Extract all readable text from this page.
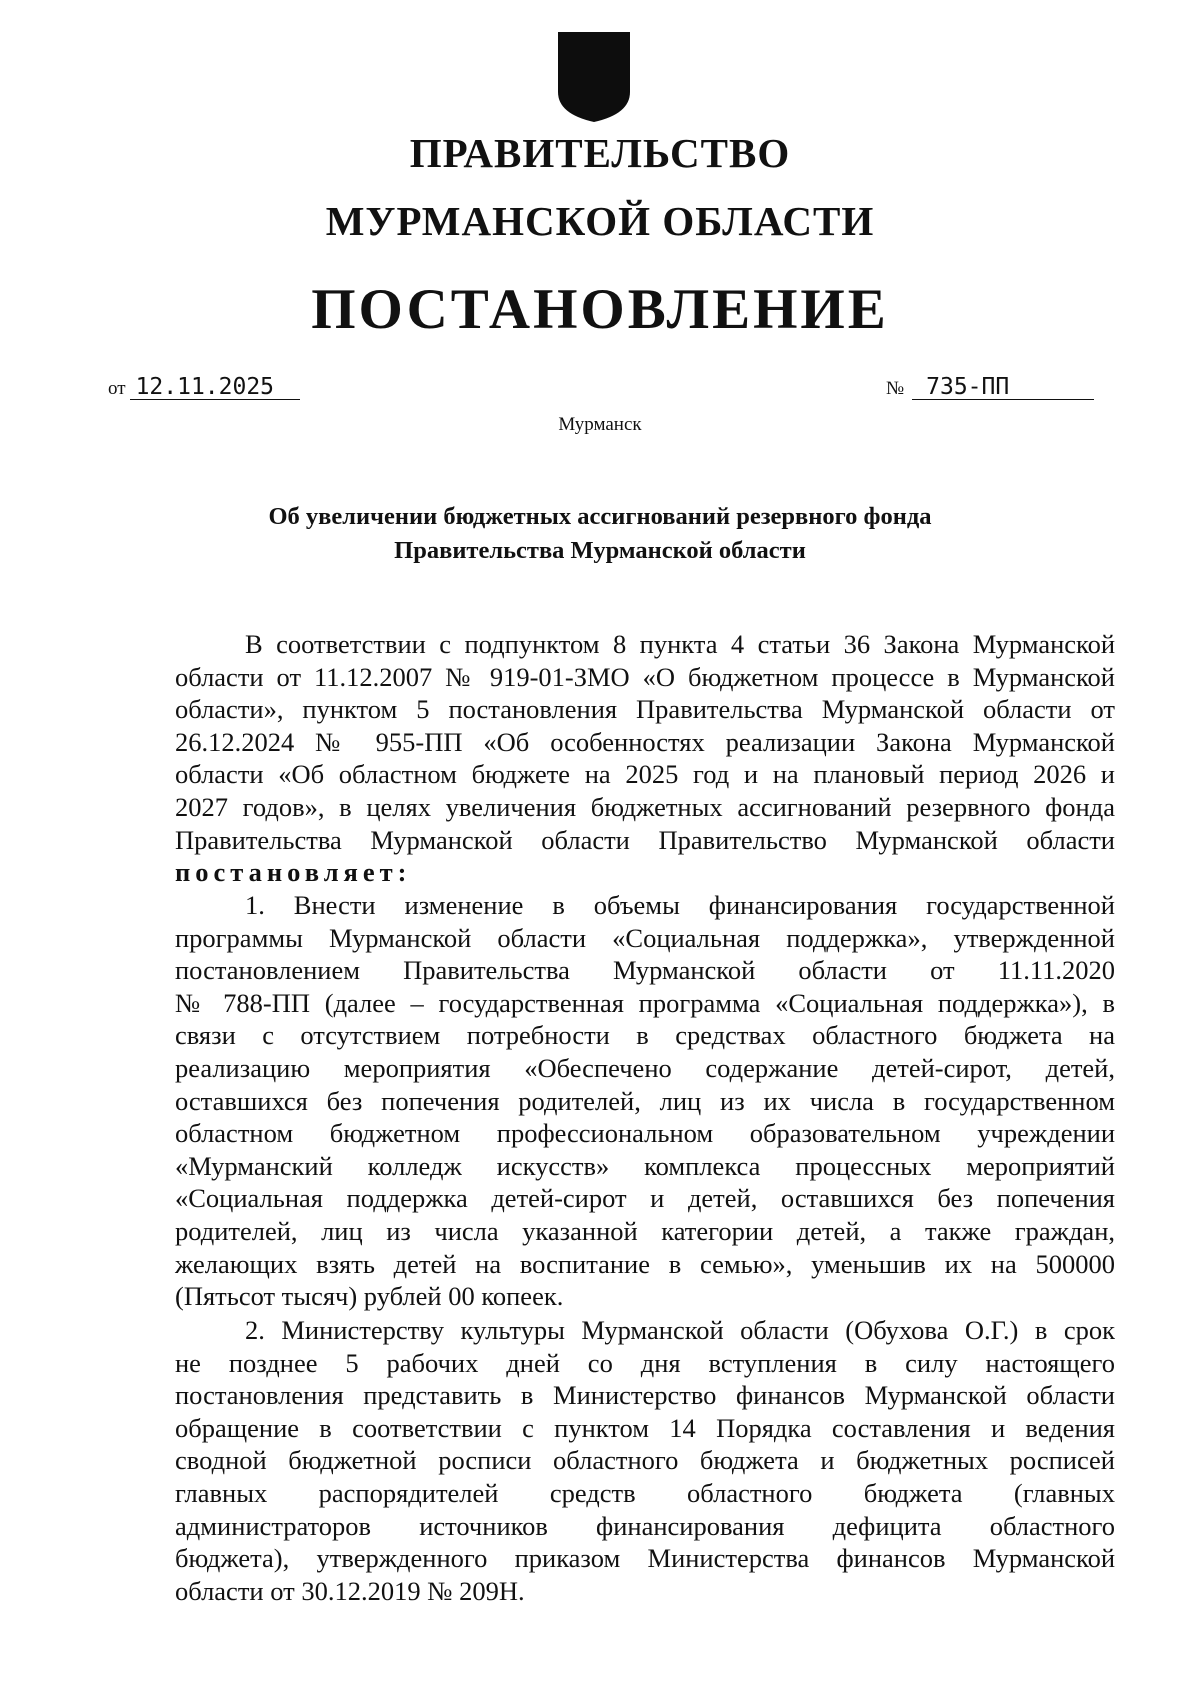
ПРАВИТЕЛЬСТВО
МУРМАНСКОЙ ОБЛАСТИ
ПОСТАНОВЛЕНИЕ
от 12.11.2025	№ 735-ПП
Мурманск
Об увеличении бюджетных ассигнований резервного фонда
Правительства Мурманской области
В соответствии с подпунктом 8 пункта 4 статьи 36 Закона Мурманской
области от 11.12.2007 № 919-01-ЗМО «О бюджетном процессе в Мурманской
области», пунктом 5 постановления Правительства Мурманской области от
26.12.2024 № 955-ПП «Об особенностях реализации Закона Мурманской
области «Об областном бюджете на 2025 год и на плановый период 2026 и
2027 годов», в целях увеличения бюджетных ассигнований резервного фонда
Правительства Мурманской области Правительство Мурманской области
постановляет:
1. Внести изменение в объемы финансирования государственной
программы Мурманской области «Социальная поддержка», утвержденной
постановлением Правительства Мурманской области от 11.11.2020
№ 788-ПП (далее – государственная программа «Социальная поддержка»), в
связи с отсутствием потребности в средствах областного бюджета на
реализацию мероприятия «Обеспечено содержание детей-сирот, детей,
оставшихся без попечения родителей, лиц из их числа в государственном
областном бюджетном профессиональном образовательном учреждении
«Мурманский колледж искусств» комплекса процессных мероприятий
«Социальная поддержка детей-сирот и детей, оставшихся без попечения
родителей, лиц из числа указанной категории детей, а также граждан,
желающих взять детей на воспитание в семью», уменьшив их на 500000
(Пятьсот тысяч) рублей 00 копеек.
2. Министерству культуры Мурманской области (Обухова О.Г.) в срок
не позднее 5 рабочих дней со дня вступления в силу настоящего
постановления представить в Министерство финансов Мурманской области
обращение в соответствии с пунктом 14 Порядка составления и ведения
сводной бюджетной росписи областного бюджета и бюджетных росписей
главных распорядителей средств областного бюджета (главных
администраторов источников финансирования дефицита областного
бюджета), утвержденного приказом Министерства финансов Мурманской
области от 30.12.2019 № 209Н.
